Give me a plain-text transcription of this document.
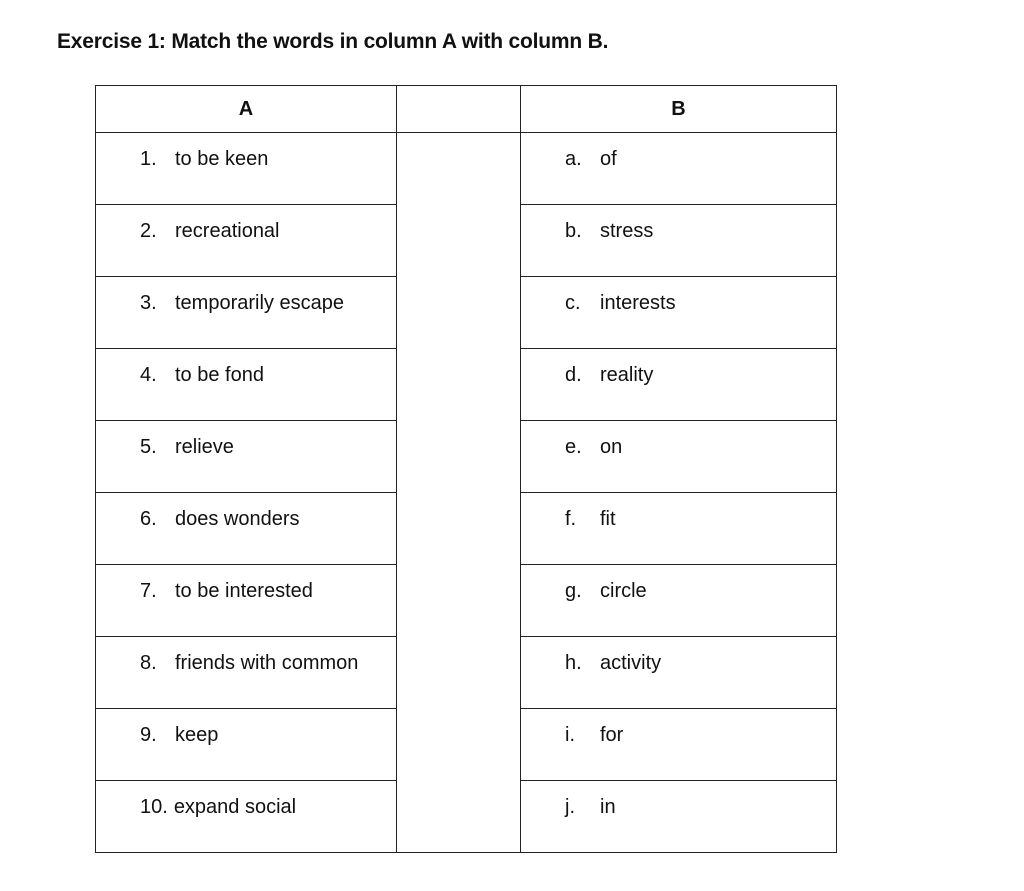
Exercise 1: Match the words in column A with column B.
A		B

1. to be keen		a. of

2. recreational		b. stress

3. temporarily escape		c. interests

4. to be fond		d. reality

5. relieve		e. on

6. does wonders		f. fit

7. to be interested		g. circle

8. friends with common		h. activity

9. keep		i. for

10. expand social		j. in
